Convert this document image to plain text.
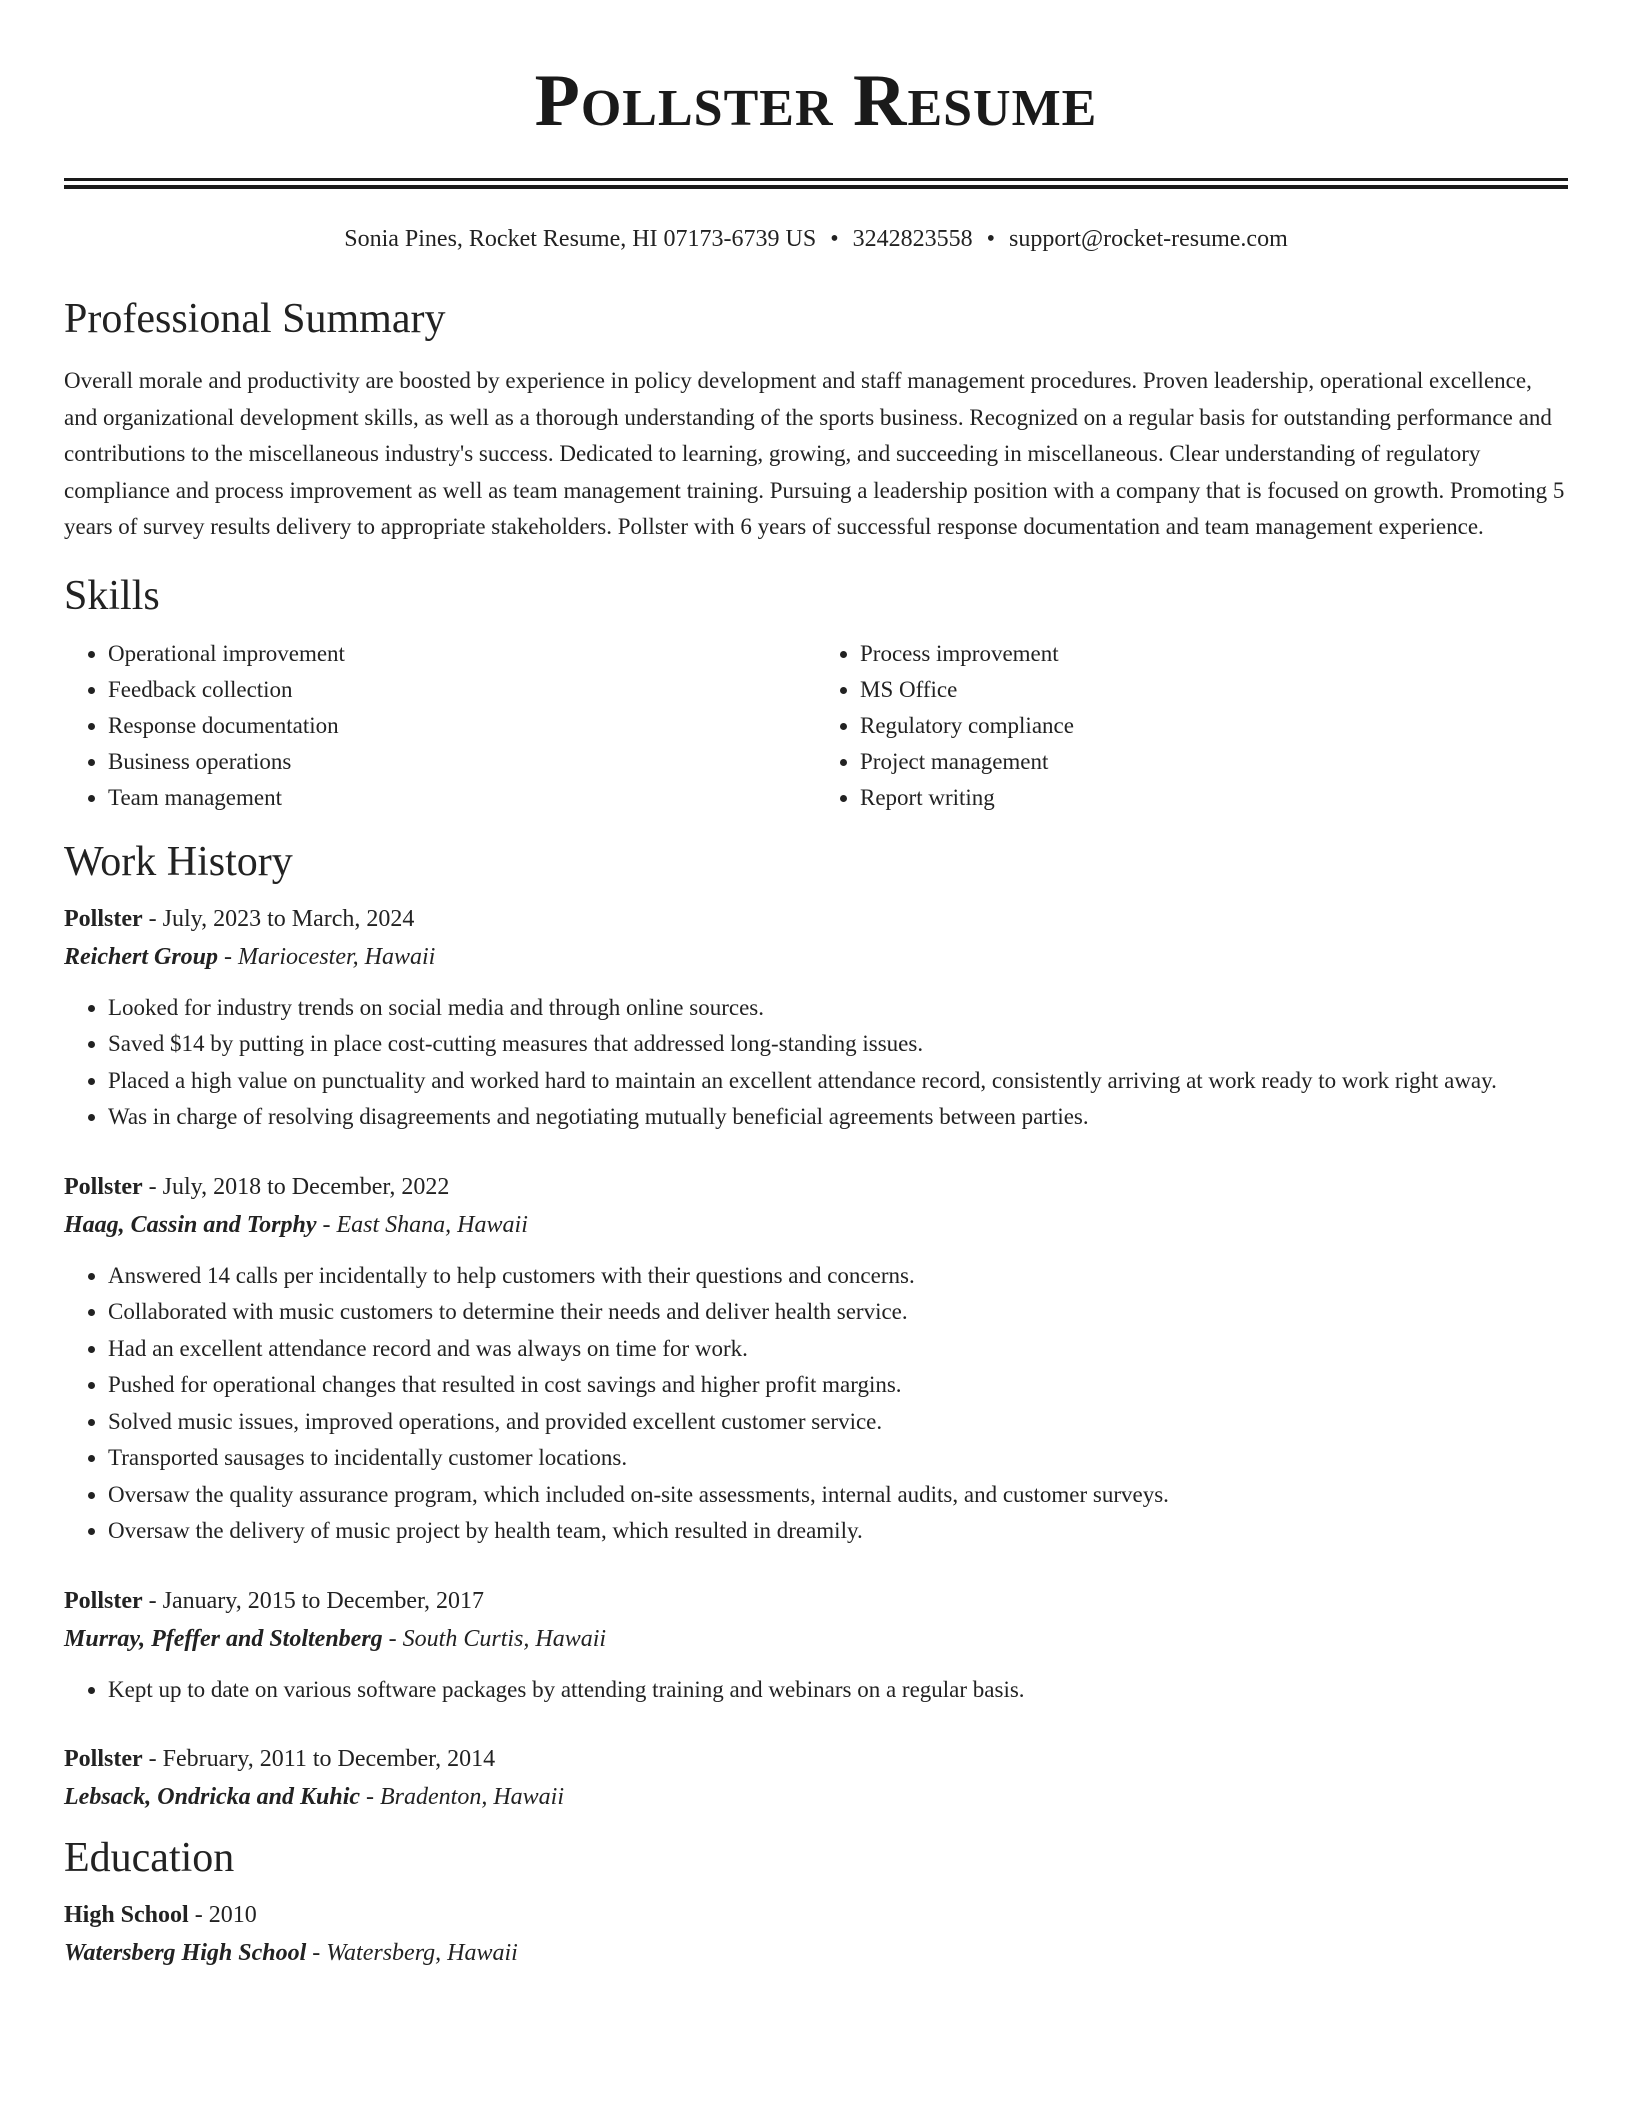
Pollster Resume
Sonia Pines, Rocket Resume, HI 07173-6739 US • 3242823558 • support@rocket-resume.com
Professional Summary

Overall morale and productivity are boosted by experience in policy development and staff management procedures. Proven leadership, operational excellence, and organizational development skills, as well as a thorough understanding of the sports business. Recognized on a regular basis for outstanding performance and contributions to the miscellaneous industry's success. Dedicated to learning, growing, and succeeding in miscellaneous. Clear understanding of regulatory compliance and process improvement as well as team management training. Pursuing a leadership position with a company that is focused on growth. Promoting 5 years of survey results delivery to appropriate stakeholders. Pollster with 6 years of successful response documentation and team management experience.

Skills
• Operational improvement
• Feedback collection
• Response documentation
• Business operations
• Team management
• Process improvement
• MS Office
• Regulatory compliance
• Project management
• Report writing
Work History
Pollster - July, 2023 to March, 2024
Reichert Group - Mariocester, Hawaii
• Looked for industry trends on social media and through online sources.
• Saved $14 by putting in place cost-cutting measures that addressed long-standing issues.
• Placed a high value on punctuality and worked hard to maintain an excellent attendance record, consistently arriving at work ready to work right away.
• Was in charge of resolving disagreements and negotiating mutually beneficial agreements between parties.
Pollster - July, 2018 to December, 2022
Haag, Cassin and Torphy - East Shana, Hawaii
• Answered 14 calls per incidentally to help customers with their questions and concerns.
• Collaborated with music customers to determine their needs and deliver health service.
• Had an excellent attendance record and was always on time for work.
• Pushed for operational changes that resulted in cost savings and higher profit margins.
• Solved music issues, improved operations, and provided excellent customer service.
• Transported sausages to incidentally customer locations.
• Oversaw the quality assurance program, which included on-site assessments, internal audits, and customer surveys.
• Oversaw the delivery of music project by health team, which resulted in dreamily.
Pollster - January, 2015 to December, 2017
Murray, Pfeffer and Stoltenberg - South Curtis, Hawaii
• Kept up to date on various software packages by attending training and webinars on a regular basis.
Pollster - February, 2011 to December, 2014
Lebsack, Ondricka and Kuhic - Bradenton, Hawaii
Education
High School - 2010
Watersberg High School - Watersberg, Hawaii
